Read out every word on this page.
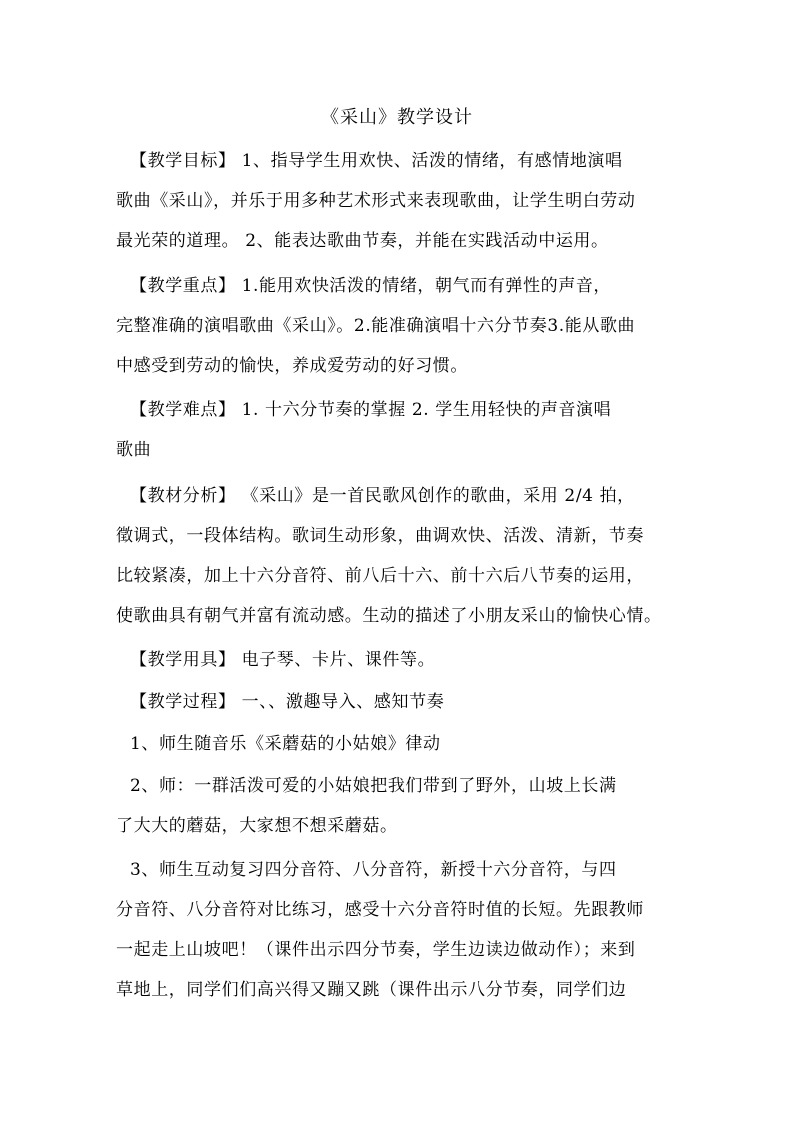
《采山》教学设计
【教学目标】 1、指导学生用欢快、活泼的情绪，有感情地演唱
歌曲《采山》，并乐于用多种艺术形式来表现歌曲，让学生明白劳动
最光荣的道理。 2、能表达歌曲节奏，并能在实践活动中运用。
【教学重点】 1.能用欢快活泼的情绪，朝气而有弹性的声音，
完整准确的演唱歌曲《采山》。2.能准确演唱十六分节奏3.能从歌曲
中感受到劳动的愉快，养成爱劳动的好习惯。
【教学难点】 1. 十六分节奏的掌握 2. 学生用轻快的声音演唱
歌曲
【教材分析】 《采山》是一首民歌风创作的歌曲，采用 2/4 拍，
徵调式，一段体结构。歌词生动形象，曲调欢快、活泼、清新，节奏
比较紧凑，加上十六分音符、前八后十六、前十六后八节奏的运用，
使歌曲具有朝气并富有流动感。生动的描述了小朋友采山的愉快心情。
【教学用具】 电子琴、卡片、课件等。
【教学过程】 一、、激趣导入、感知节奏
1、师生随音乐《采蘑菇的小姑娘》律动
2、师：一群活泼可爱的小姑娘把我们带到了野外，山坡上长满
了大大的蘑菇，大家想不想采蘑菇。
3、师生互动复习四分音符、八分音符，新授十六分音符，与四
分音符、八分音符对比练习，感受十六分音符时值的长短。先跟教师
一起走上山坡吧！（课件出示四分节奏，学生边读边做动作）；来到
草地上，同学们们高兴得又蹦又跳（课件出示八分节奏，同学们边
